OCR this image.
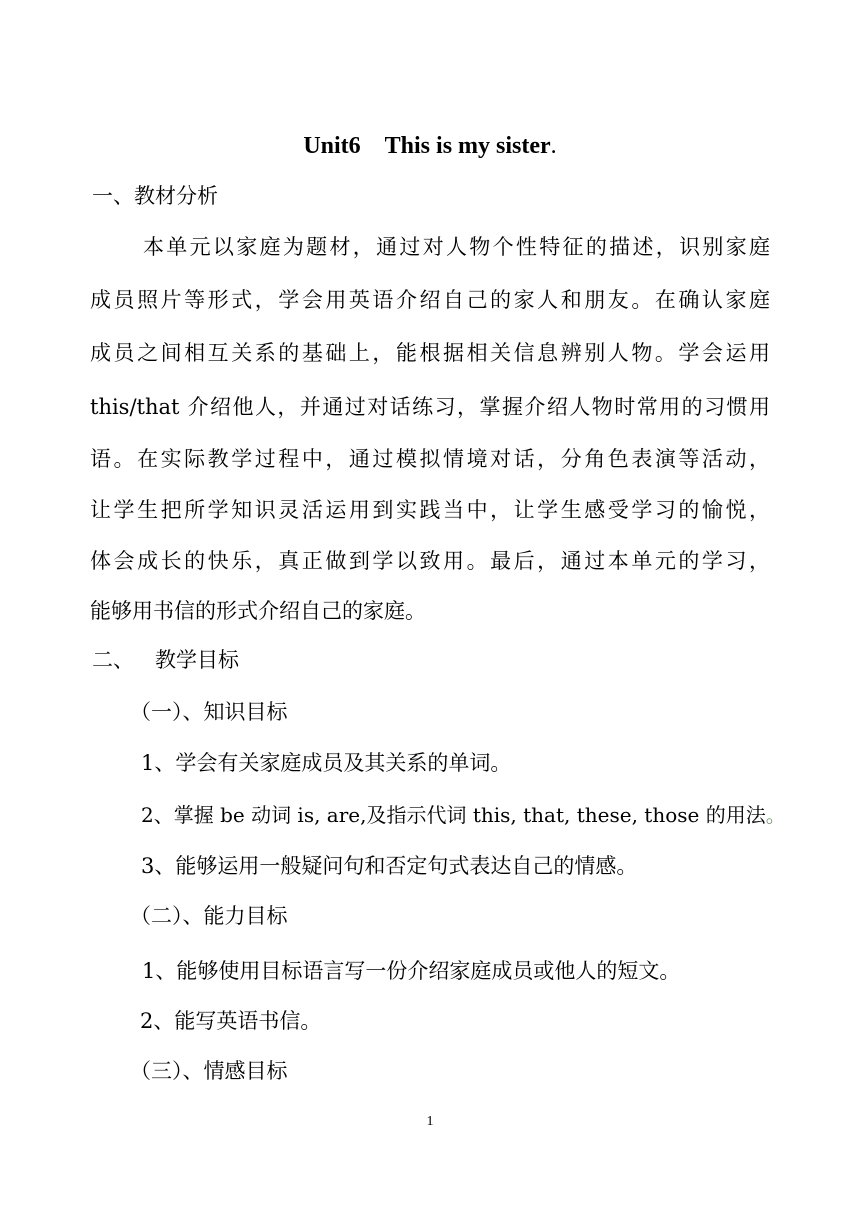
Unit6 This is my sister.
一、教材分析
本单元以家庭为题材，通过对人物个性特征的描述，识别家庭
成员照片等形式，学会用英语介绍自己的家人和朋友。在确认家庭
成员之间相互关系的基础上，能根据相关信息辨别人物。学会运用
this/that 介绍他人，并通过对话练习，掌握介绍人物时常用的习惯用
语。在实际教学过程中，通过模拟情境对话，分角色表演等活动，
让学生把所学知识灵活运用到实践当中，让学生感受学习的愉悦，
体会成长的快乐，真正做到学以致用。最后，通过本单元的学习，
能够用书信的形式介绍自己的家庭。
二、 教学目标
（一）、知识目标
1、学会有关家庭成员及其关系的单词。
2、掌握 be 动词 is, are,及指示代词 this, that, these, those 的用法。
3、能够运用一般疑问句和否定句式表达自己的情感。
（二）、能力目标
1、能够使用目标语言写一份介绍家庭成员或他人的短文。
2、能写英语书信。
（三）、情感目标
1
